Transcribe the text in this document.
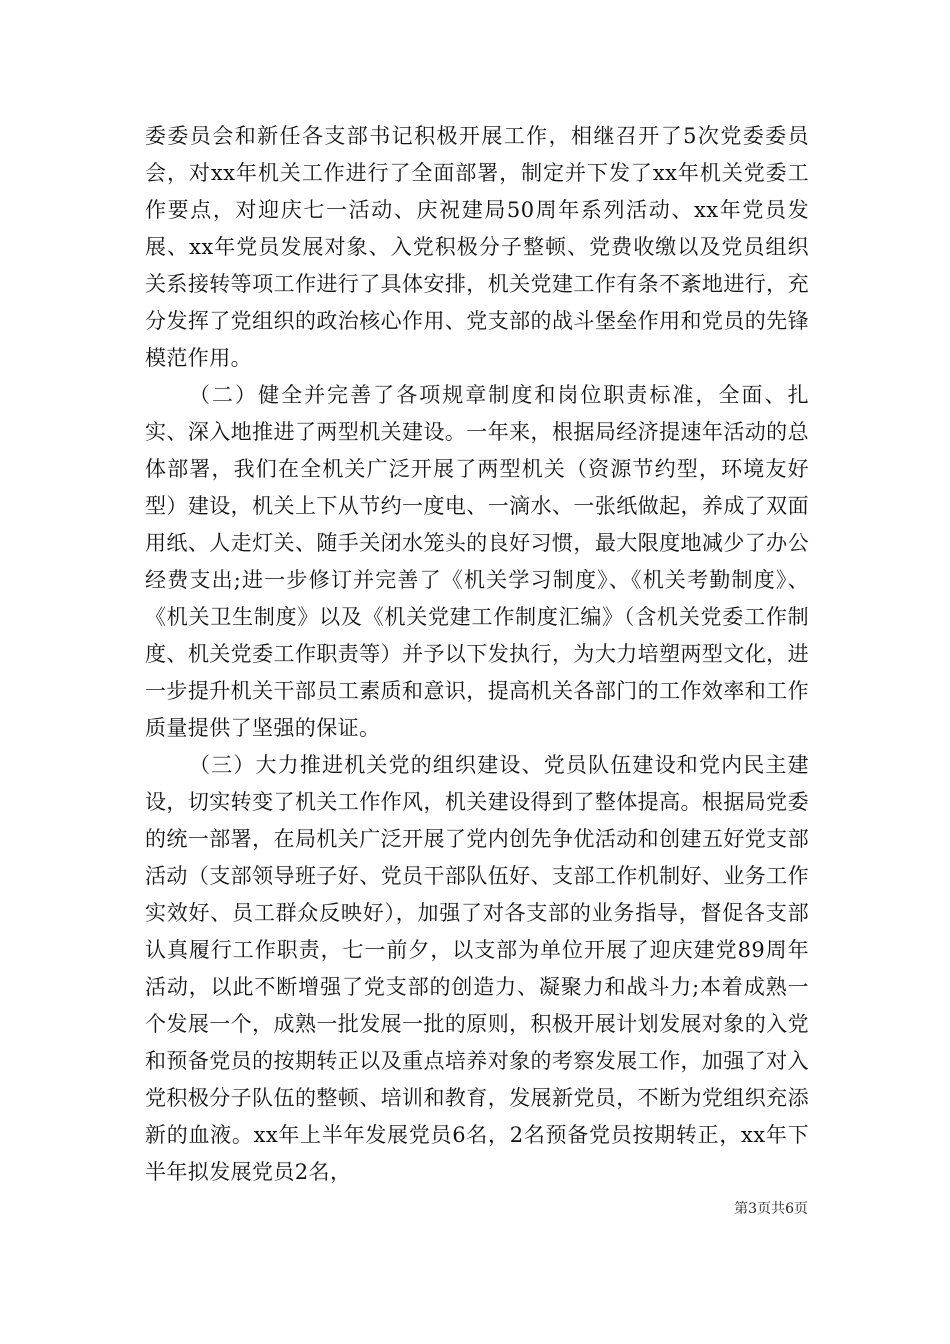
委委员会和新任各支部书记积极开展工作，相继召开了5次党委委员会，对xx年机关工作进行了全面部署，制定并下发了xx年机关党委工作要点，对迎庆七一活动、庆祝建局50周年系列活动、xx年党员发展、xx年党员发展对象、入党积极分子整顿、党费收缴以及党员组织关系接转等项工作进行了具体安排，机关党建工作有条不紊地进行，充分发挥了党组织的政治核心作用、党支部的战斗堡垒作用和党员的先锋模范作用。

（二）健全并完善了各项规章制度和岗位职责标准，全面、扎实、深入地推进了两型机关建设。一年来，根据局经济提速年活动的总体部署，我们在全机关广泛开展了两型机关（资源节约型，环境友好型）建设，机关上下从节约一度电、一滴水、一张纸做起，养成了双面用纸、人走灯关、随手关闭水笼头的良好习惯，最大限度地减少了办公经费支出;进一步修订并完善了《机关学习制度》、《机关考勤制度》、《机关卫生制度》以及《机关党建工作制度汇编》（含机关党委工作制度、机关党委工作职责等）并予以下发执行，为大力培塑两型文化，进一步提升机关干部员工素质和意识，提高机关各部门的工作效率和工作质量提供了坚强的保证。

（三）大力推进机关党的组织建设、党员队伍建设和党内民主建设，切实转变了机关工作作风，机关建设得到了整体提高。根据局党委的统一部署，在局机关广泛开展了党内创先争优活动和创建五好党支部活动（支部领导班子好、党员干部队伍好、支部工作机制好、业务工作实效好、员工群众反映好），加强了对各支部的业务指导，督促各支部认真履行工作职责，七一前夕，以支部为单位开展了迎庆建党89周年活动，以此不断增强了党支部的创造力、凝聚力和战斗力;本着成熟一个发展一个，成熟一批发展一批的原则，积极开展计划发展对象的入党和预备党员的按期转正以及重点培养对象的考察发展工作，加强了对入党积极分子队伍的整顿、培训和教育，发展新党员，不断为党组织充添新的血液。xx年上半年发展党员6名，2名预备党员按期转正，xx年下半年拟发展党员2名，

第3页共6页
